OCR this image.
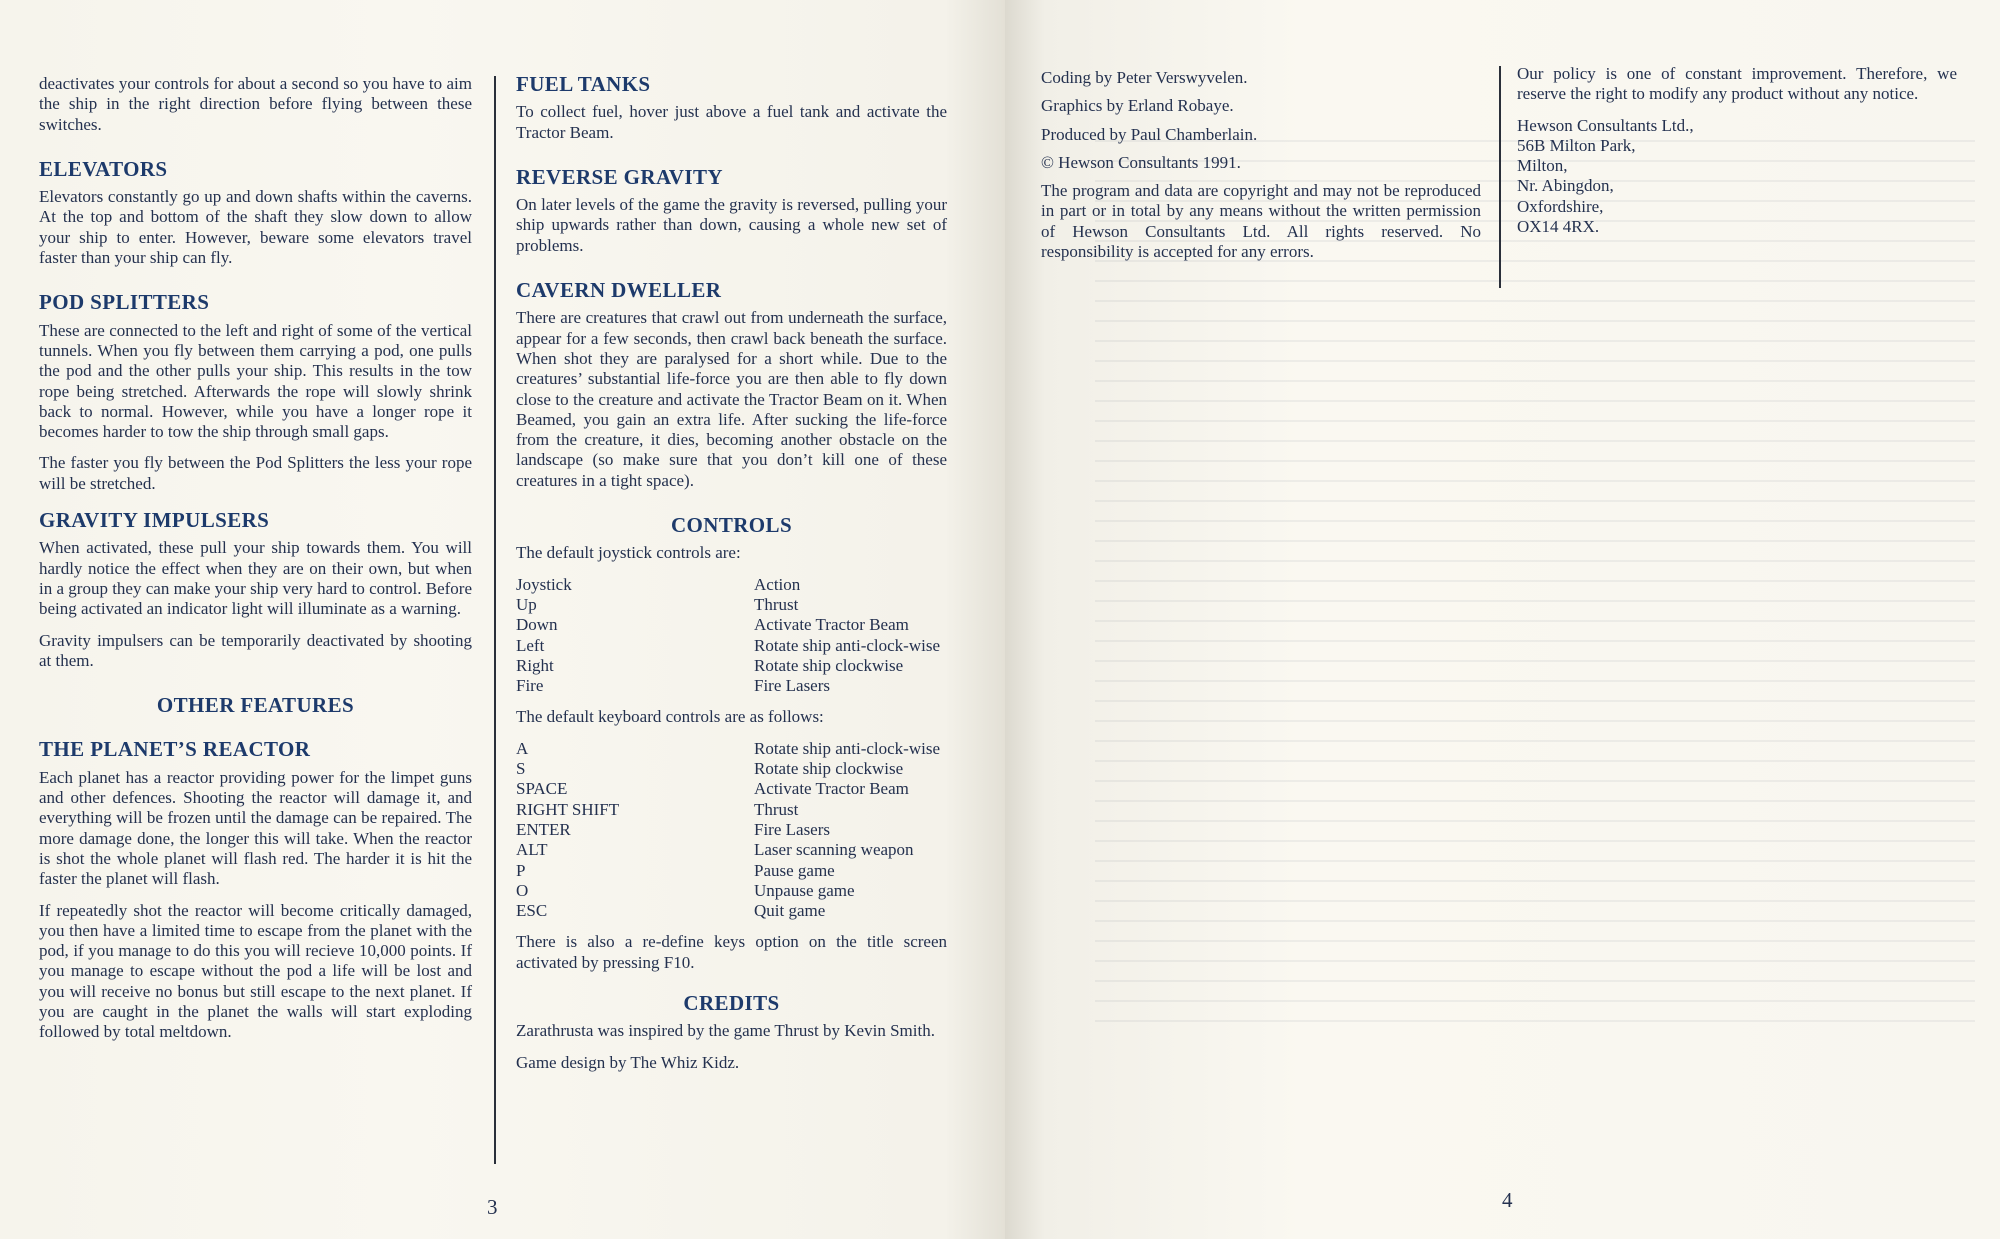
deactivates your controls for about a second so you have to aim the ship in the right direction before flying between these switches.

ELEVATORS

Elevators constantly go up and down shafts within the caverns. At the top and bottom of the shaft they slow down to allow your ship to enter. However, beware some elevators travel faster than your ship can fly.

POD SPLITTERS

These are connected to the left and right of some of the vertical tunnels. When you fly between them carrying a pod, one pulls the pod and the other pulls your ship. This results in the tow rope being stretched. Afterwards the rope will slowly shrink back to normal. However, while you have a longer rope it becomes harder to tow the ship through small gaps.

The faster you fly between the Pod Splitters the less your rope will be stretched.

GRAVITY IMPULSERS

When activated, these pull your ship towards them. You will hardly notice the effect when they are on their own, but when in a group they can make your ship very hard to control. Before being activated an indicator light will illuminate as a warning.

Gravity impulsers can be temporarily deactivated by shooting at them.

OTHER FEATURES
THE PLANET’S REACTOR

Each planet has a reactor providing power for the limpet guns and other defences. Shooting the reactor will damage it, and everything will be frozen until the damage can be repaired. The more damage done, the longer this will take. When the reactor is shot the whole planet will flash red. The harder it is hit the faster the planet will flash.

If repeatedly shot the reactor will become critically damaged, you then have a limited time to escape from the planet with the pod, if you manage to do this you will recieve 10,000 points. If you manage to escape without the pod a life will be lost and you will receive no bonus but still escape to the next planet. If you are caught in the planet the walls will start exploding followed by total meltdown.

FUEL TANKS

To collect fuel, hover just above a fuel tank and activate the Tractor Beam.

REVERSE GRAVITY

On later levels of the game the gravity is reversed, pulling your ship upwards rather than down, causing a whole new set of problems.

CAVERN DWELLER

There are creatures that crawl out from underneath the surface, appear for a few seconds, then crawl back beneath the surface. When shot they are paralysed for a short while. Due to the creatures’ substantial life-force you are then able to fly down close to the creature and activate the Tractor Beam on it. When Beamed, you gain an extra life. After sucking the life-force from the creature, it dies, becoming another obstacle on the landscape (so make sure that you don’t kill one of these creatures in a tight space).

CONTROLS

The default joystick controls are:

Joystick	Action
Up	Thrust
Down	Activate Tractor Beam
Left	Rotate ship anti-clock-wise
Right	Rotate ship clockwise
Fire	Fire Lasers

The default keyboard controls are as follows:

A	Rotate ship anti-clock-wise
S	Rotate ship clockwise
SPACE	Activate Tractor Beam
RIGHT SHIFT	Thrust
ENTER	Fire Lasers
ALT	Laser scanning weapon
P	Pause game
O	Unpause game
ESC	Quit game

There is also a re-define keys option on the title screen activated by pressing F10.

CREDITS

Zarathrusta was inspired by the game Thrust by Kevin Smith.

Game design by The Whiz Kidz.

3

Coding by Peter Verswyvelen.

Graphics by Erland Robaye.

Produced by Paul Chamberlain.

© Hewson Consultants 1991.

The program and data are copyright and may not be reproduced in part or in total by any means without the written permission of Hewson Consultants Ltd. All rights reserved. No responsibility is accepted for any errors.

Our policy is one of constant improvement. Therefore, we reserve the right to modify any product without any notice.

Hewson Consultants Ltd.,
56B Milton Park,
Milton,
Nr. Abingdon,
Oxfordshire,
OX14 4RX.
4
